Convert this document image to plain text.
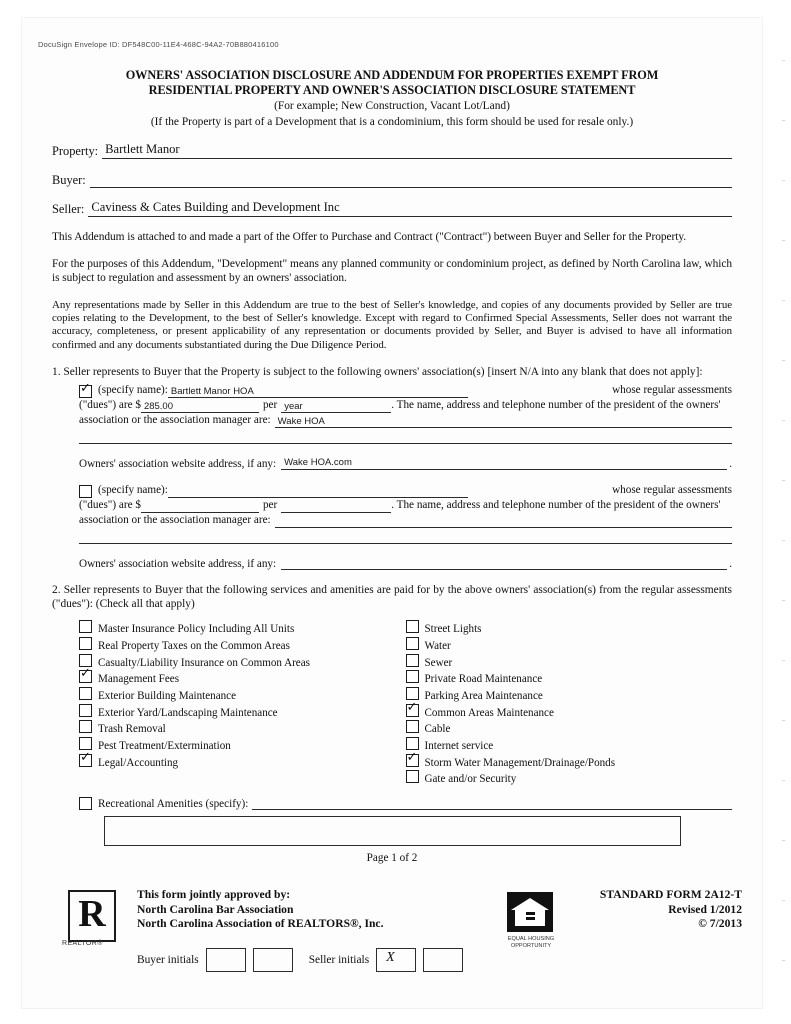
DocuSign Envelope ID: DF548C00-11E4-468C-94A2-70B880416100
OWNERS' ASSOCIATION DISCLOSURE AND ADDENDUM FOR PROPERTIES EXEMPT FROM
RESIDENTIAL PROPERTY AND OWNER'S ASSOCIATION DISCLOSURE STATEMENT
(For example; New Construction, Vacant Lot/Land)
(If the Property is part of a Development that is a condominium, this form should be used for resale only.)
Property: Bartlett Manor
Buyer:
Seller: Caviness & Cates Building and Development Inc
This Addendum is attached to and made a part of the Offer to Purchase and Contract ("Contract") between Buyer and Seller for the Property.
For the purposes of this Addendum, "Development" means any planned community or condominium project, as defined by North Carolina law, which is subject to regulation and assessment by an owners' association.
Any representations made by Seller in this Addendum are true to the best of Seller's knowledge, and copies of any documents provided by Seller are true copies relating to the Development, to the best of Seller's knowledge. Except with regard to Confirmed Special Assessments, Seller does not warrant the accuracy, completeness, or present applicability of any representation or documents provided by Seller, and Buyer is advised to have all information confirmed and any documents substantiated during the Due Diligence Period.
1. Seller represents to Buyer that the Property is subject to the following owners' association(s) [insert N/A into any blank that does not apply]:
✓
(specify name): Bartlett Manor HOA	whose regular assessments
("dues") are $ 285.00	per year	. The name, address and telephone number of the president of the owners'
association or the association manager are: Wake HOA
Owners' association website address, if any: Wake HOA.com	.
(specify name):	whose regular assessments
("dues") are $	per	. The name, address and telephone number of the president of the owners'
association or the association manager are:
Owners' association website address, if any:	.
2. Seller represents to Buyer that the following services and amenities are paid for by the above owners' association(s) from the regular assessments ("dues"): (Check all that apply)
Master Insurance Policy Including All Units
Real Property Taxes on the Common Areas
Casualty/Liability Insurance on Common Areas
✓Management Fees
Exterior Building Maintenance
Exterior Yard/Landscaping Maintenance
Trash Removal
Pest Treatment/Extermination
✓Legal/Accounting
Street Lights
Water
Sewer
Private Road Maintenance
Parking Area Maintenance
✓Common Areas Maintenance
Cable
Internet service
✓Storm Water Management/Drainage/Ponds
Gate and/or Security
Recreational Amenities (specify):
Page 1 of 2
R
REALTOR®
This form jointly approved by:
North Carolina Bar Association
North Carolina Association of REALTORS®, Inc.
EQUAL HOUSING OPPORTUNITY
STANDARD FORM 2A12-T
Revised 1/2012
© 7/2013
Buyer initials	Seller initials X
